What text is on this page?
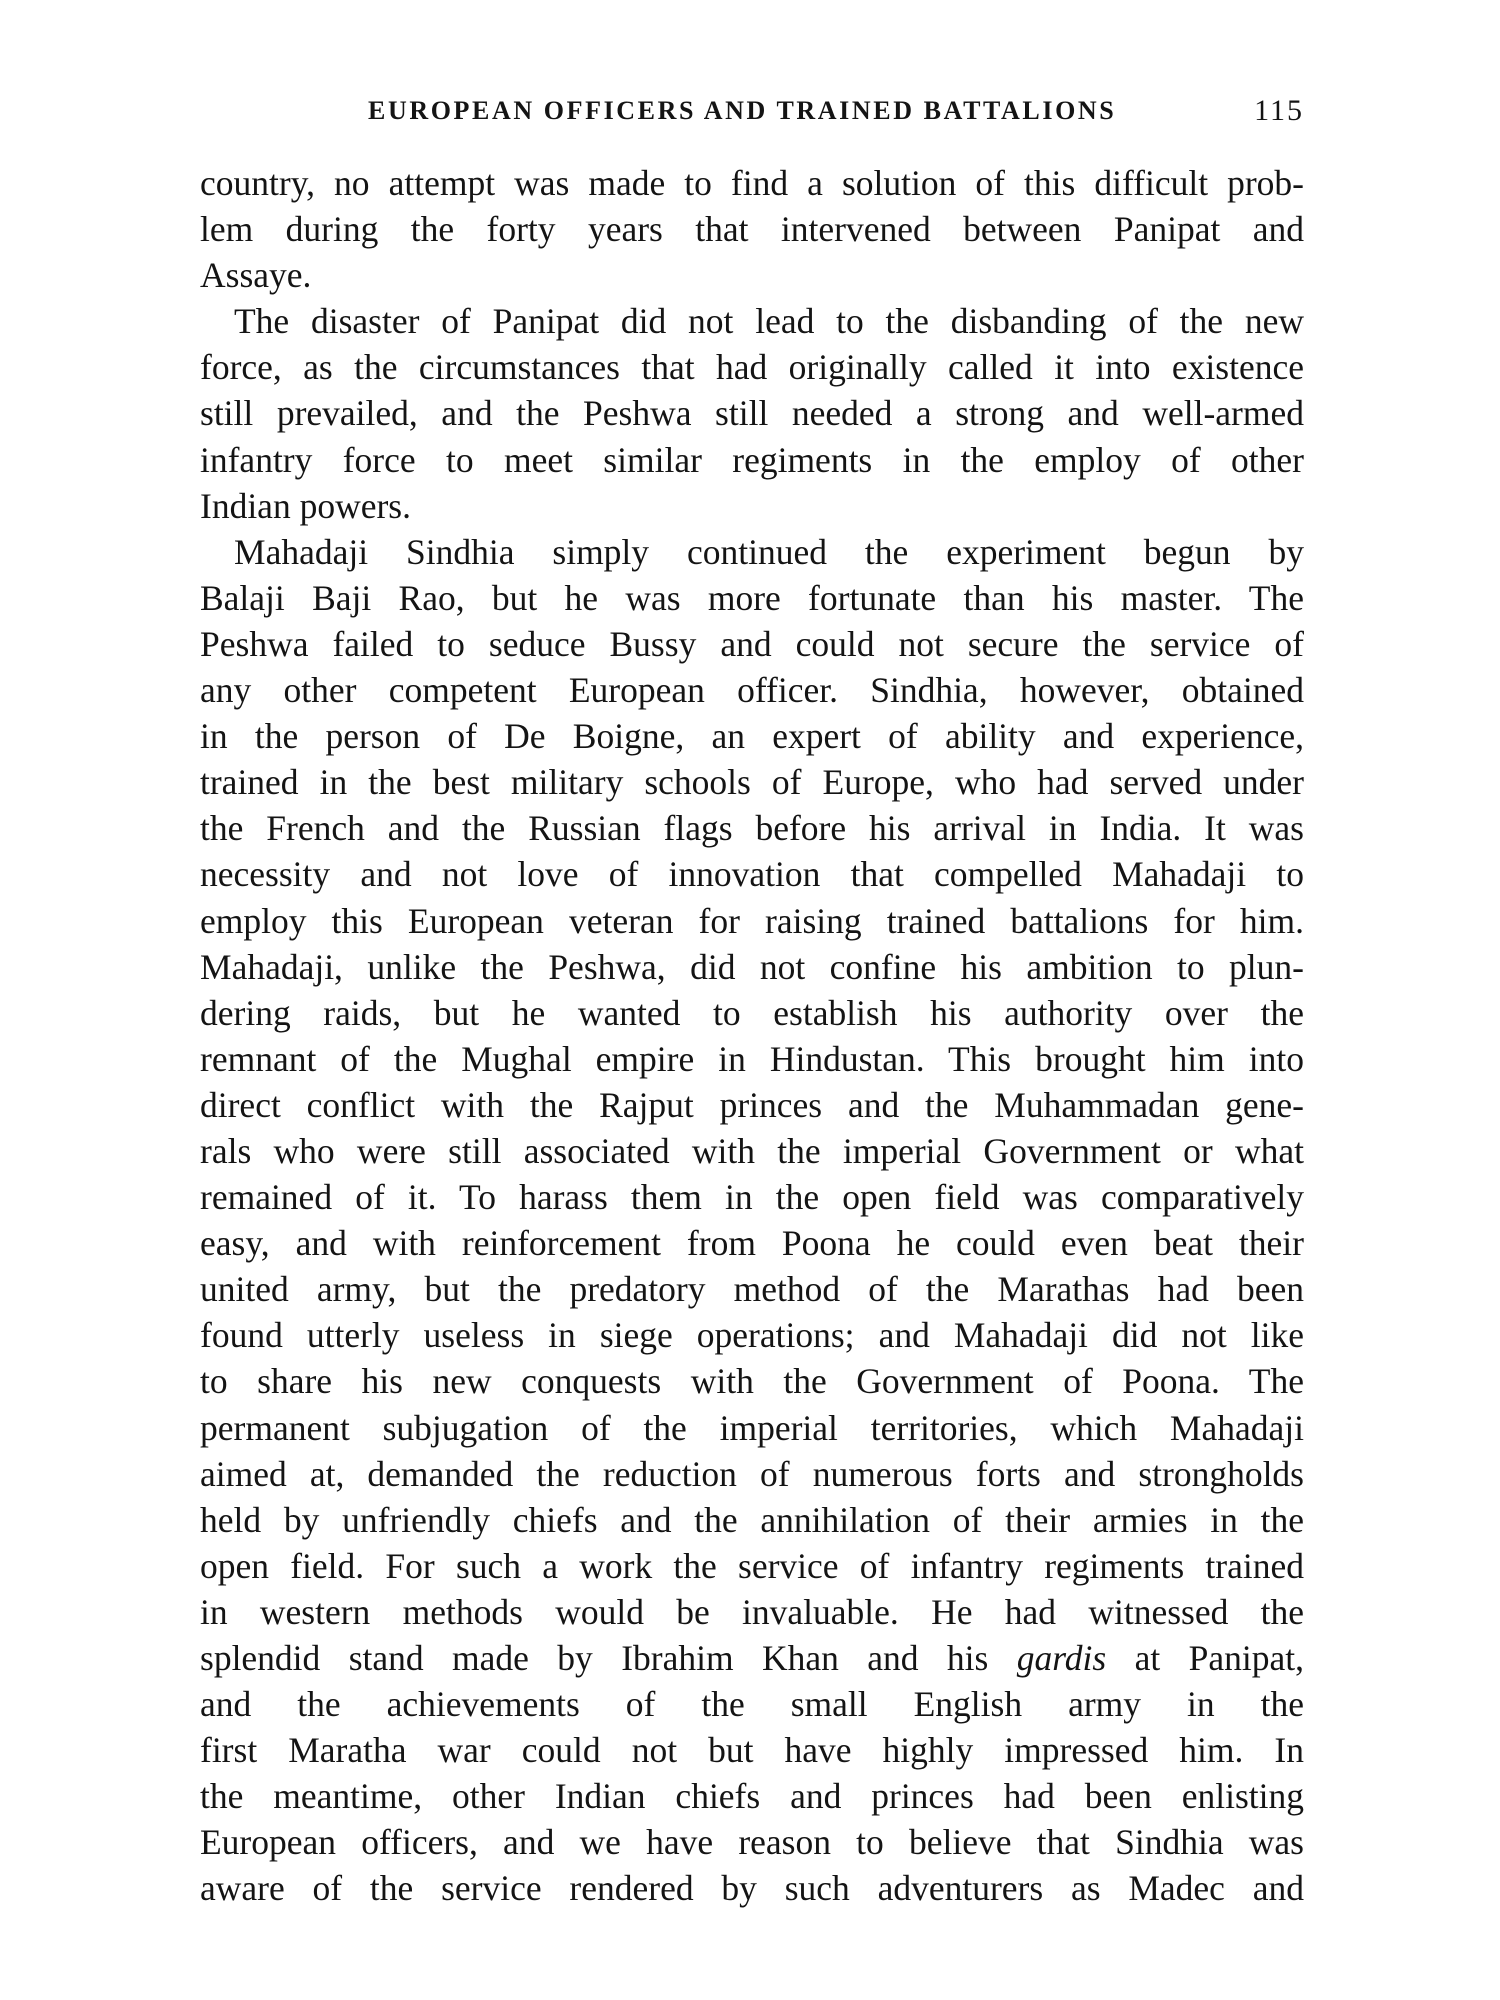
EUROPEAN OFFICERS AND TRAINED BATTALIONS	115
country, no attempt was made to find a solution of this difficult prob-
lem during the forty years that intervened between Panipat and
Assaye.
The disaster of Panipat did not lead to the disbanding of the new
force, as the circumstances that had originally called it into existence
still prevailed, and the Peshwa still needed a strong and well-armed
infantry force to meet similar regiments in the employ of other
Indian powers.
Mahadaji Sindhia simply continued the experiment begun by
Balaji Baji Rao, but he was more fortunate than his master. The
Peshwa failed to seduce Bussy and could not secure the service of
any other competent European officer. Sindhia, however, obtained
in the person of De Boigne, an expert of ability and experience,
trained in the best military schools of Europe, who had served under
the French and the Russian flags before his arrival in India. It was
necessity and not love of innovation that compelled Mahadaji to
employ this European veteran for raising trained battalions for him.
Mahadaji, unlike the Peshwa, did not confine his ambition to plun-
dering raids, but he wanted to establish his authority over the
remnant of the Mughal empire in Hindustan. This brought him into
direct conflict with the Rajput princes and the Muhammadan gene-
rals who were still associated with the imperial Government or what
remained of it. To harass them in the open field was comparatively
easy, and with reinforcement from Poona he could even beat their
united army, but the predatory method of the Marathas had been
found utterly useless in siege operations; and Mahadaji did not like
to share his new conquests with the Government of Poona. The
permanent subjugation of the imperial territories, which Mahadaji
aimed at, demanded the reduction of numerous forts and strongholds
held by unfriendly chiefs and the annihilation of their armies in the
open field. For such a work the service of infantry regiments trained
in western methods would be invaluable. He had witnessed the
splendid stand made by Ibrahim Khan and his gardis at Panipat,
and the achievements of the small English army in the
first Maratha war could not but have highly impressed him. In
the meantime, other Indian chiefs and princes had been enlisting
European officers, and we have reason to believe that Sindhia was
aware of the service rendered by such adventurers as Madec and
